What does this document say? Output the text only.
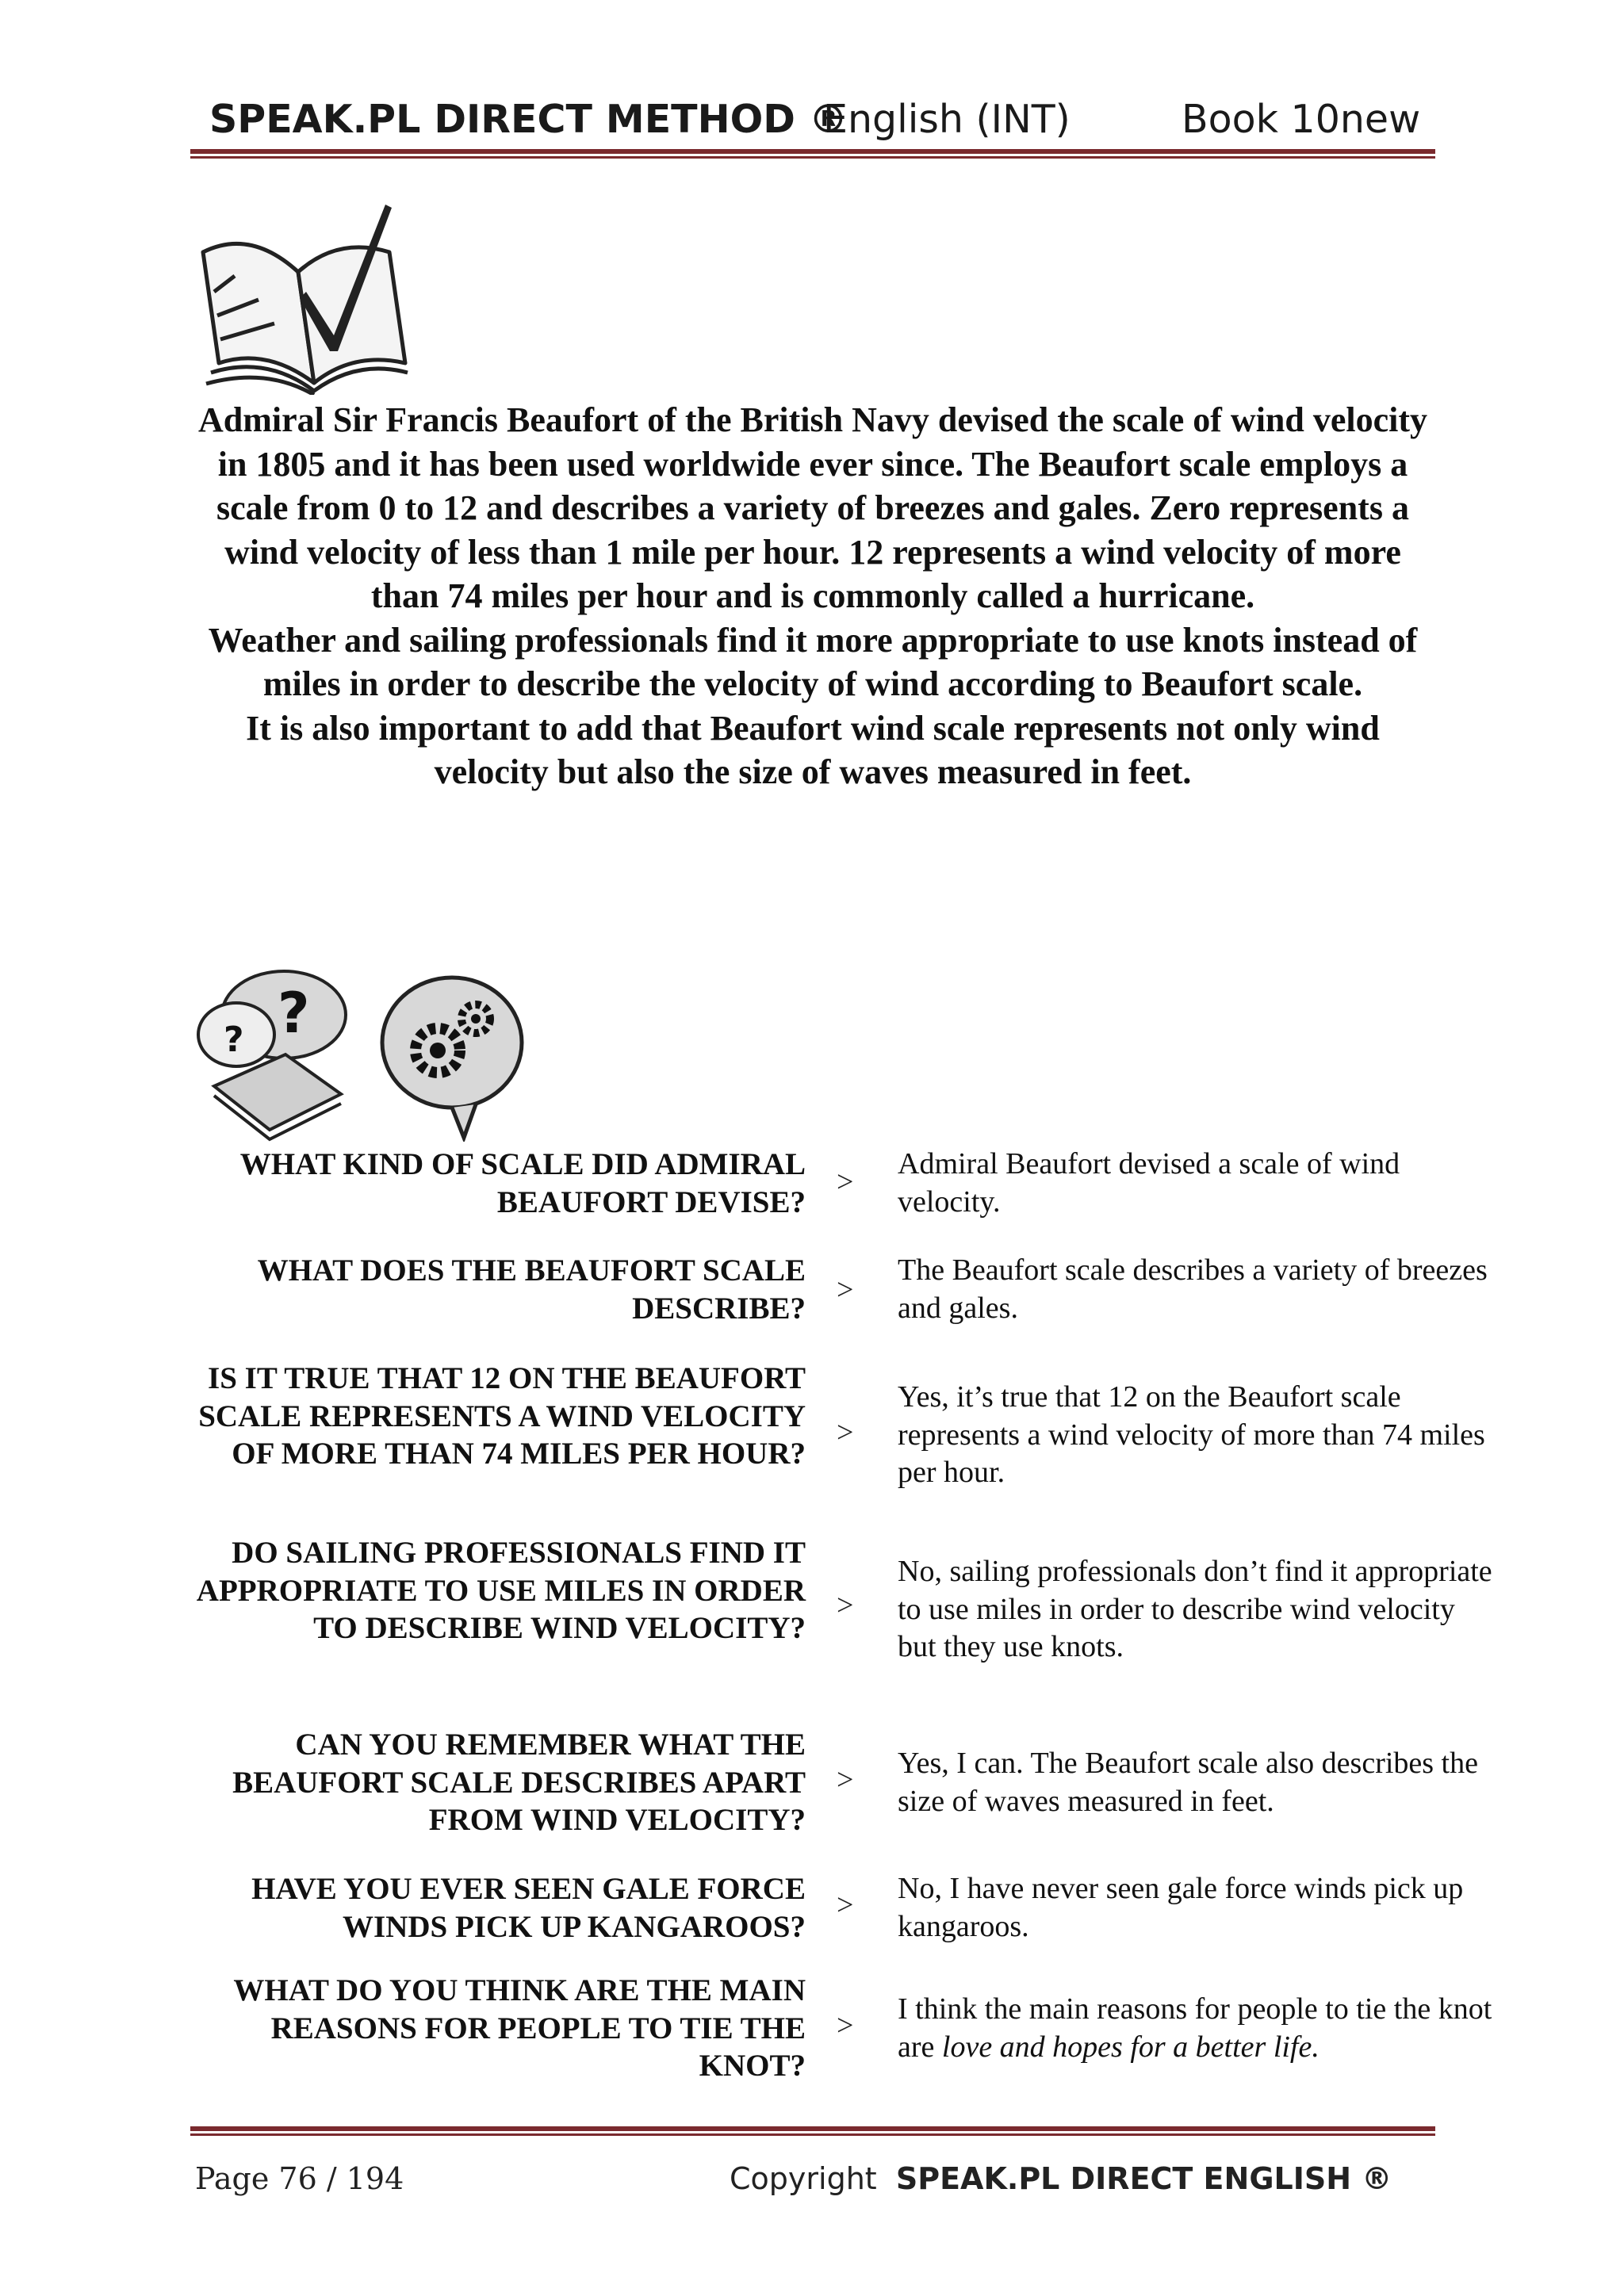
SPEAK.PL DIRECT METHOD ®
English (INT)	Book 10new

Admiral Sir Francis Beaufort of the British Navy devised the scale of wind velocity in 1805 and it has been used worldwide ever since. The Beaufort scale employs a scale from 0 to 12 and describes a variety of breezes and gales. Zero represents a wind velocity of less than 1 mile per hour. 12 represents a wind velocity of more than 74 miles per hour and is commonly called a hurricane.

Weather and sailing professionals find it more appropriate to use knots instead of miles in order to describe the velocity of wind according to Beaufort scale.

It is also important to add that Beaufort wind scale represents not only wind velocity but also the size of waves measured in feet.

?
?
WHAT KIND OF SCALE DID ADMIRAL BEAUFORT DEVISE?
>
Admiral Beaufort devised a scale of wind velocity.
WHAT DOES THE BEAUFORT SCALE DESCRIBE?
>
The Beaufort scale describes a variety of breezes and gales.
IS IT TRUE THAT 12 ON THE BEAUFORT SCALE REPRESENTS A WIND VELOCITY OF MORE THAN 74 MILES PER HOUR?
>
Yes, it’s true that 12 on the Beaufort scale represents a wind velocity of more than 74 miles per hour.
DO SAILING PROFESSIONALS FIND IT APPROPRIATE TO USE MILES IN ORDER TO DESCRIBE WIND VELOCITY?
>
No, sailing professionals don’t find it appropriate to use miles in order to describe wind velocity but they use knots.
CAN YOU REMEMBER WHAT THE BEAUFORT SCALE DESCRIBES APART FROM WIND VELOCITY?
> Yes, I can. The Beaufort scale also describes the size of waves measured in feet.
HAVE YOU EVER SEEN GALE FORCE WINDS PICK UP KANGAROOS?
> No, I have never seen gale force winds pick up kangaroos.
WHAT DO YOU THINK ARE THE MAIN REASONS FOR PEOPLE TO TIE THE KNOT?
> I think the main reasons for people to tie the knot are love and hopes for a better life.
Page 76 / 194	Copyright SPEAK.PL DIRECT ENGLISH ®
